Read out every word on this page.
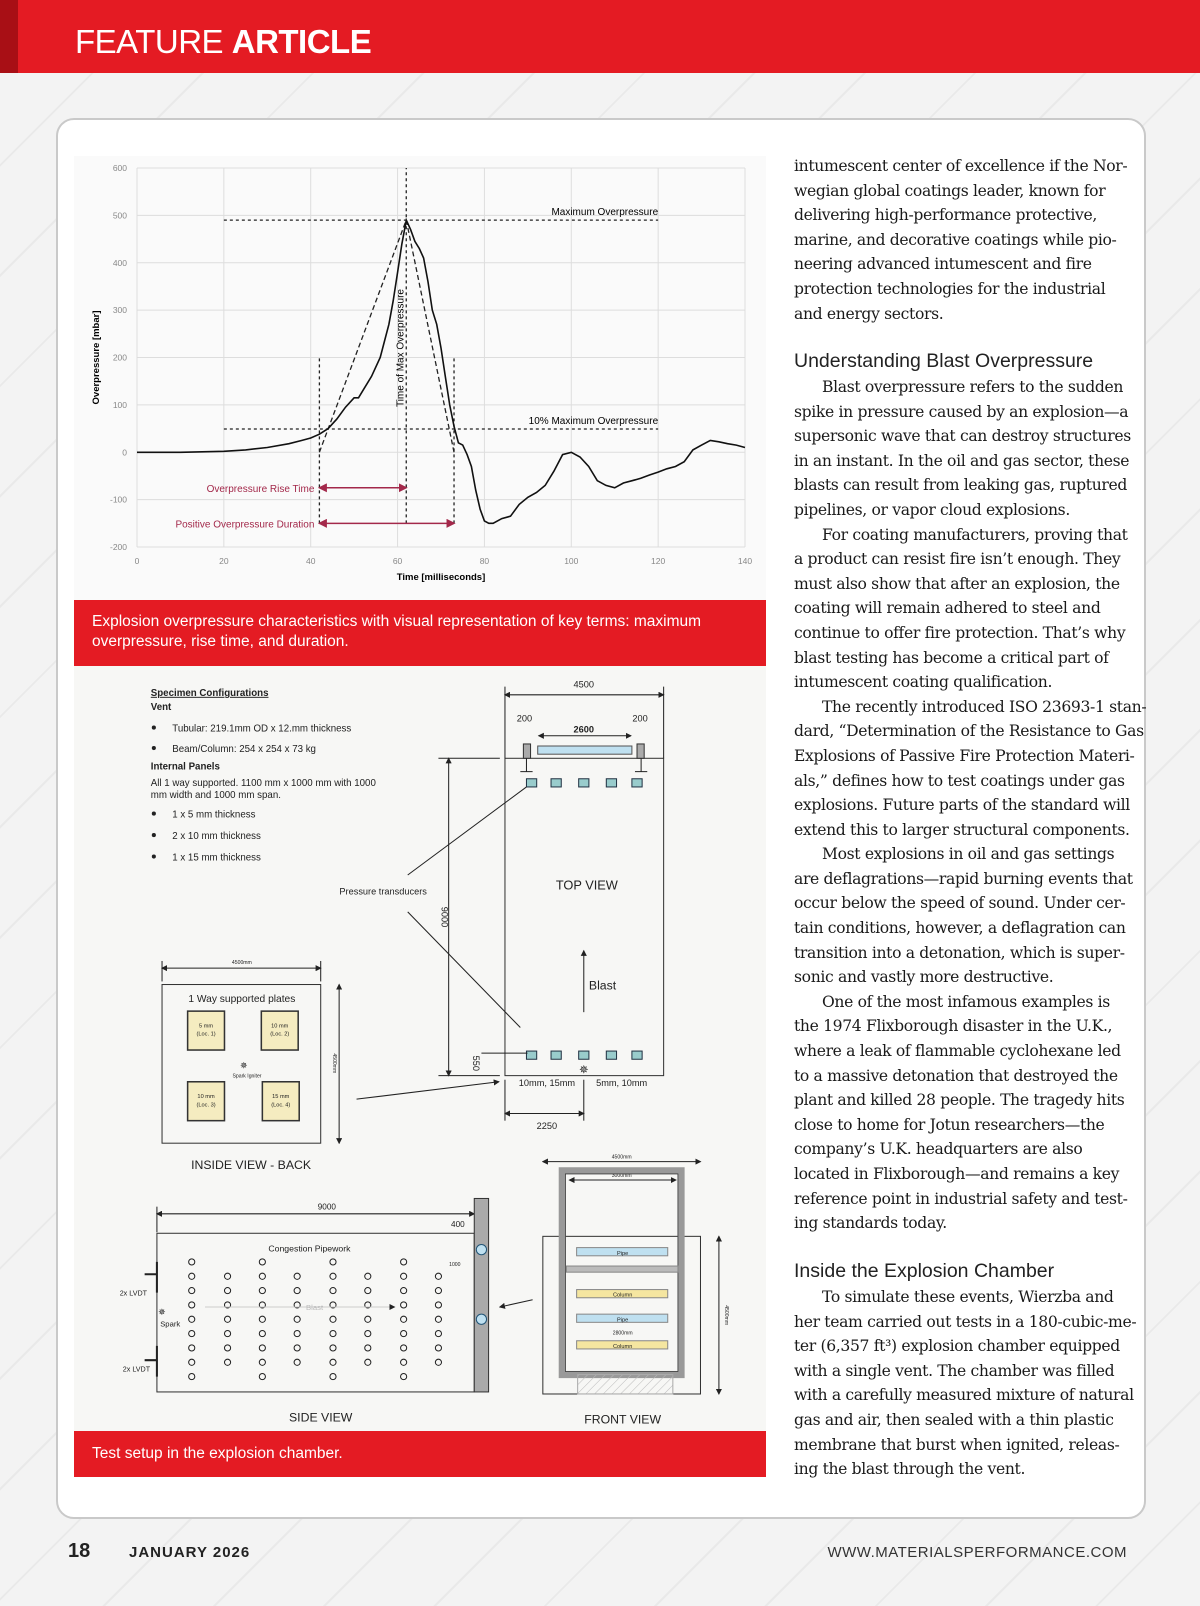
FEATURE ARTICLE
600
500
400
300
200
100
0
-100
-200
0	20	40	60	80	100	120	140
Time [milliseconds]
Overpressure [mbar]
Maximum Overpressure
10% Maximum Overpressure
Time of Max Overpressure
Overpressure Rise Time
Positive Overpressure Duration
Explosion overpressure characteristics with visual representation of key terms: maximum overpressure, rise time, and duration.
Specimen Configurations
Vent
Tubular: 219.1mm OD x 12.mm thickness
Beam/Column: 254 x 254 x 73 kg
Internal Panels
All 1 way supported. 1100 mm x 1000 mm with 1000
mm width and 1000 mm span.
1 x 5 mm thickness
2 x 10 mm thickness
1 x 15 mm thickness
4500
200	200
2600
TOP VIEW
Blast
9000
Pressure transducers
550	✵
10mm, 15mm 5mm, 10mm
2250
4500mm
1 Way supported plates
5 mm
(Loc. 1)
10 mm
(Loc. 2)
10 mm
(Loc. 3)
15 mm
(Loc. 4)
✵
Spark Igniter
4500mm
INSIDE VIEW - BACK
9000
400
Congestion Pipework
1000
Blast
2x LVDT
2x LVDT
✵
Spark
SIDE VIEW
4500mm
3000mm
Pipe
Column
Pipe
2800mm
Column
4500mm
FRONT VIEW
Test setup in the explosion chamber.
intumescent center of excellence if the Nor-
wegian global coatings leader, known for
delivering high-performance protective,
marine, and decorative coatings while pio-
neering advanced intumescent and fire
protection technologies for the industrial
and energy sectors.
Understanding Blast Overpressure
Blast overpressure refers to the sudden
spike in pressure caused by an explosion—a
supersonic wave that can destroy structures
in an instant. In the oil and gas sector, these
blasts can result from leaking gas, ruptured
pipelines, or vapor cloud explosions.
For coating manufacturers, proving that
a product can resist fire isn’t enough. They
must also show that after an explosion, the
coating will remain adhered to steel and
continue to offer fire protection. That’s why
blast testing has become a critical part of
intumescent coating qualification.
The recently introduced ISO 23693-1 stan-
dard, “Determination of the Resistance to Gas
Explosions of Passive Fire Protection Materi-
als,” defines how to test coatings under gas
explosions. Future parts of the standard will
extend this to larger structural components.
Most explosions in oil and gas settings
are deflagrations—rapid burning events that
occur below the speed of sound. Under cer-
tain conditions, however, a deflagration can
transition into a detonation, which is super-
sonic and vastly more destructive.
One of the most infamous examples is
the 1974 Flixborough disaster in the U.K.,
where a leak of flammable cyclohexane led
to a massive detonation that destroyed the
plant and killed 28 people. The tragedy hits
close to home for Jotun researchers—the
company’s U.K. headquarters are also
located in Flixborough—and remains a key
reference point in industrial safety and test-
ing standards today.
Inside the Explosion Chamber
To simulate these events, Wierzba and
her team carried out tests in a 180-cubic-me-
ter (6,357 ft³) explosion chamber equipped
with a single vent. The chamber was filled
with a carefully measured mixture of natural
gas and air, then sealed with a thin plastic
membrane that burst when ignited, releas-
ing the blast through the vent.
18	JANUARY 2026	WWW.MATERIALSPERFORMANCE.COM
